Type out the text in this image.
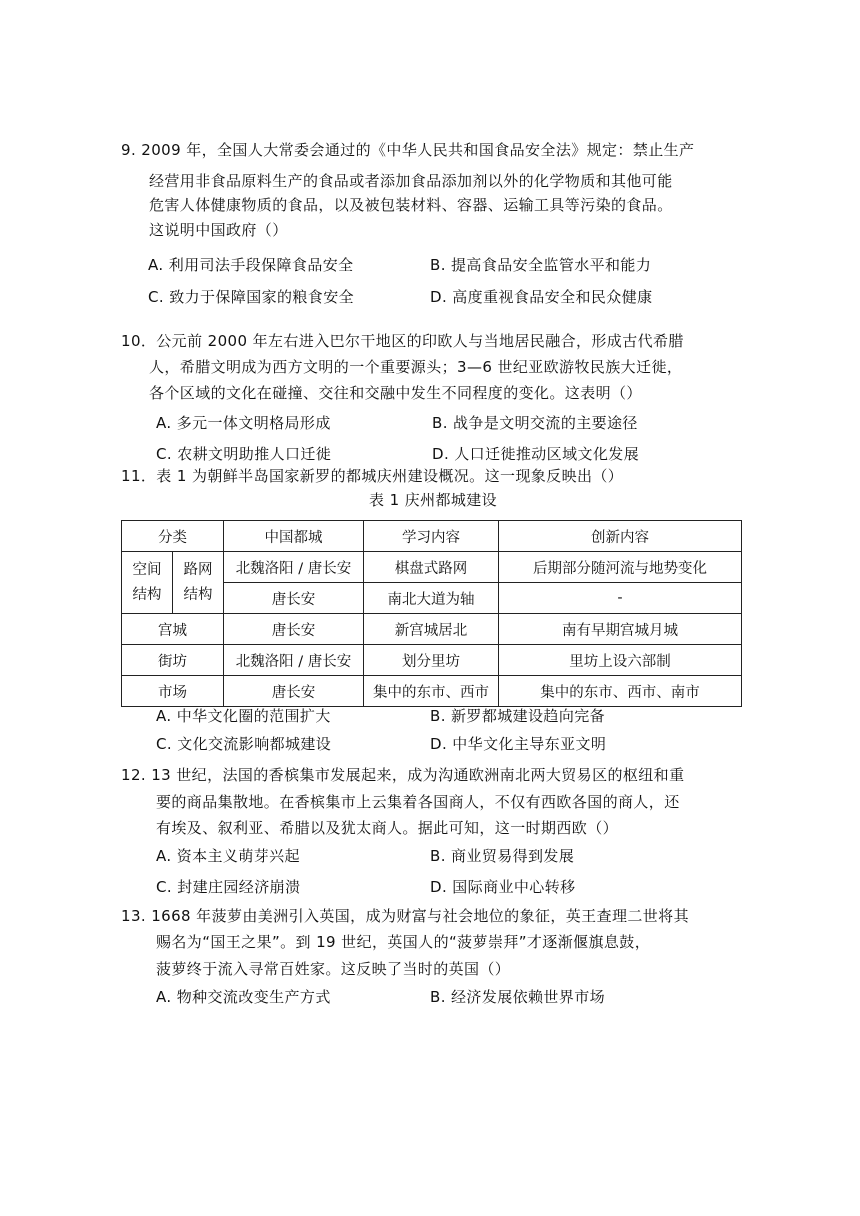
9. 2009 年，全国人大常委会通过的《中华人民共和国食品安全法》规定：禁止生产
经营用非食品原料生产的食品或者添加食品添加剂以外的化学物质和其他可能
危害人体健康物质的食品，以及被包装材料、容器、运输工具等污染的食品。
这说明中国政府（）
A. 利用司法手段保障食品安全	B. 提高食品安全监管水平和能力
C. 致力于保障国家的粮食安全	D. 高度重视食品安全和民众健康
10．公元前 2000 年左右进入巴尔干地区的印欧人与当地居民融合，形成古代希腊
人，希腊文明成为西方文明的一个重要源头；3—6 世纪亚欧游牧民族大迁徙，
各个区域的文化在碰撞、交往和交融中发生不同程度的变化。这表明（）
A. 多元一体文明格局形成	B. 战争是文明交流的主要途径
C. 农耕文明助推人口迁徙	D. 人口迁徙推动区域文化发展
11．表 1 为朝鲜半岛国家新罗的都城庆州建设概况。这一现象反映出（）
表 1 庆州都城建设
分类		中国都城	学习内容	创新内容
空间结构	路网结构	北魏洛阳 / 唐长安	棋盘式路网	后期部分随河流与地势变化
		唐长安	南北大道为轴	-
宫城		唐长安	新宫城居北	南有早期宫城月城
街坊		北魏洛阳 / 唐长安	划分里坊	里坊上设六部制
市场		唐长安	集中的东市、西市	集中的东市、西市、南市
A. 中华文化圈的范围扩大	B. 新罗都城建设趋向完备
C. 文化交流影响都城建设	D. 中华文化主导东亚文明
12. 13 世纪，法国的香槟集市发展起来，成为沟通欧洲南北两大贸易区的枢纽和重
要的商品集散地。在香槟集市上云集着各国商人，不仅有西欧各国的商人，还
有埃及、叙利亚、希腊以及犹太商人。据此可知，这一时期西欧（）
A. 资本主义萌芽兴起	B. 商业贸易得到发展
C. 封建庄园经济崩溃	D. 国际商业中心转移
13. 1668 年菠萝由美洲引入英国，成为财富与社会地位的象征，英王查理二世将其
赐名为“国王之果”。到 19 世纪，英国人的“菠萝崇拜”才逐渐偃旗息鼓，
菠萝终于流入寻常百姓家。这反映了当时的英国（）
A. 物种交流改变生产方式	B. 经济发展依赖世界市场
